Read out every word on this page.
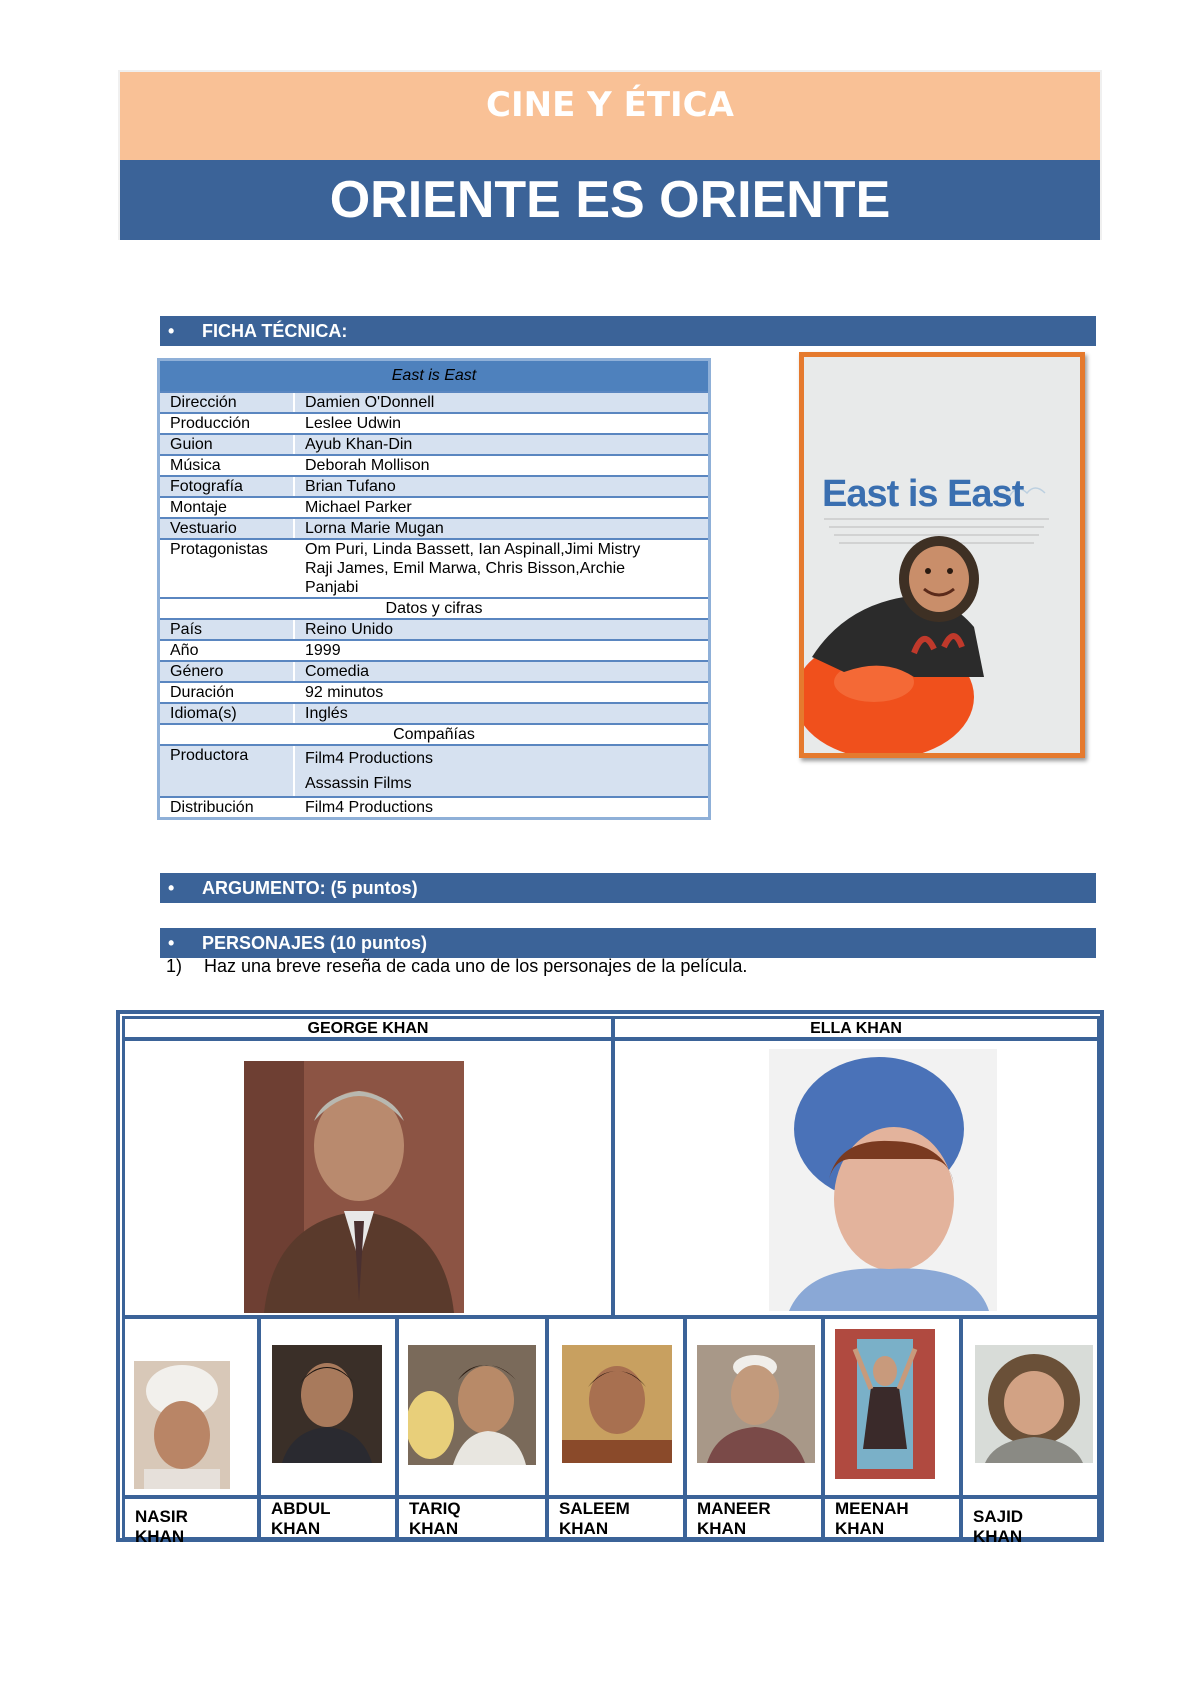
CINE Y ÉTICA
ORIENTE ES ORIENTE
• FICHA TÉCNICA:
East is East	
Dirección	Damien O'Donnell
Producción	Leslee Udwin
Guion	Ayub Khan-Din
Música	Deborah Mollison
Fotografía	Brian Tufano
Montaje	Michael Parker
Vestuario	Lorna Marie Mugan
Protagonistas	Om Puri, Linda Bassett, Ian Aspinall,Jimi Mistry
Raji James, Emil Marwa, Chris Bisson,Archie
Panjabi

Datos y cifras	
País	Reino Unido
Año	1999
Género	Comedia
Duración	92 minutos
Idioma(s)	Inglés
Compañías	
Productora	Film4 Productions
Assassin Films

Distribución	Film4 Productions
East is East
• ARGUMENTO: (5 puntos)
• PERSONAJES (10 puntos)
1) Haz una breve reseña de cada uno de los personajes de la película.
GEORGE KHAN	ELLA KHAN
NASIR
KHAN
ABDUL
KHAN
TARIQ
KHAN
SALEEM
KHAN
MANEER
KHAN
MEENAH
KHAN
SAJID
KHAN
